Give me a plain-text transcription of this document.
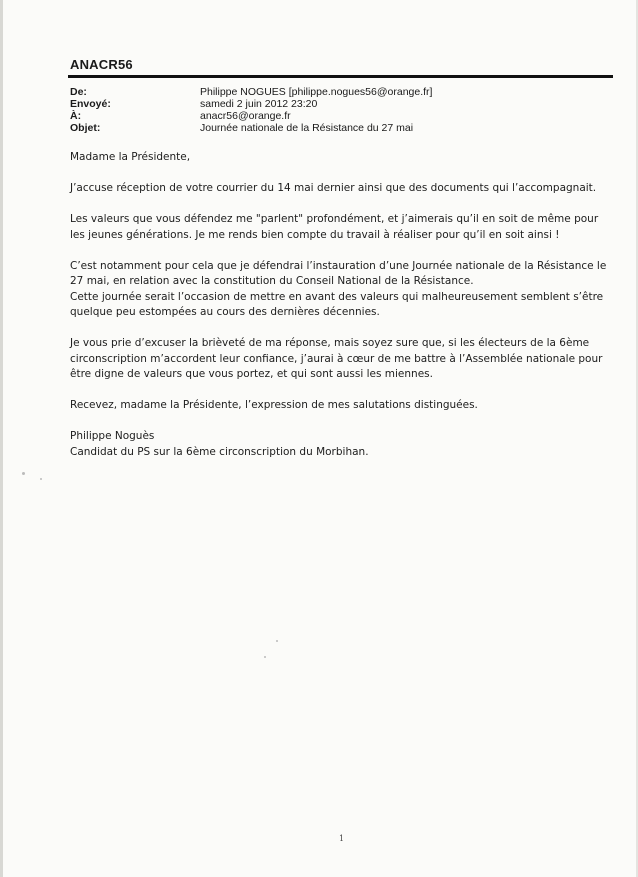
ANACR56
De:	Philippe NOGUES [philippe.nogues56@orange.fr]
Envoyé:	samedi 2 juin 2012 23:20
À:	anacr56@orange.fr
Objet:	Journée nationale de la Résistance du 27 mai

Madame la Présidente,

J’accuse réception de votre courrier du 14 mai dernier ainsi que des documents qui l’accompagnait.

Les valeurs que vous défendez me "parlent" profondément, et j’aimerais qu’il en soit de même pour les jeunes générations. Je me rends bien compte du travail à réaliser pour qu’il en soit ainsi !

C’est notamment pour cela que je défendrai l’instauration d’une Journée nationale de la Résistance le 27 mai, en relation avec la constitution du Conseil National de la Résistance.

Cette journée serait l’occasion de mettre en avant des valeurs qui malheureusement semblent s’être quelque peu estompées au cours des dernières décennies.

Je vous prie d’excuser la brièveté de ma réponse, mais soyez sure que, si les électeurs de la 6ème circonscription m’accordent leur confiance, j’aurai à cœur de me battre à l’Assemblée nationale pour être digne de valeurs que vous portez, et qui sont aussi les miennes.

Recevez, madame la Présidente, l’expression de mes salutations distinguées.

Philippe Noguès

Candidat du PS sur la 6ème circonscription du Morbihan.

1
